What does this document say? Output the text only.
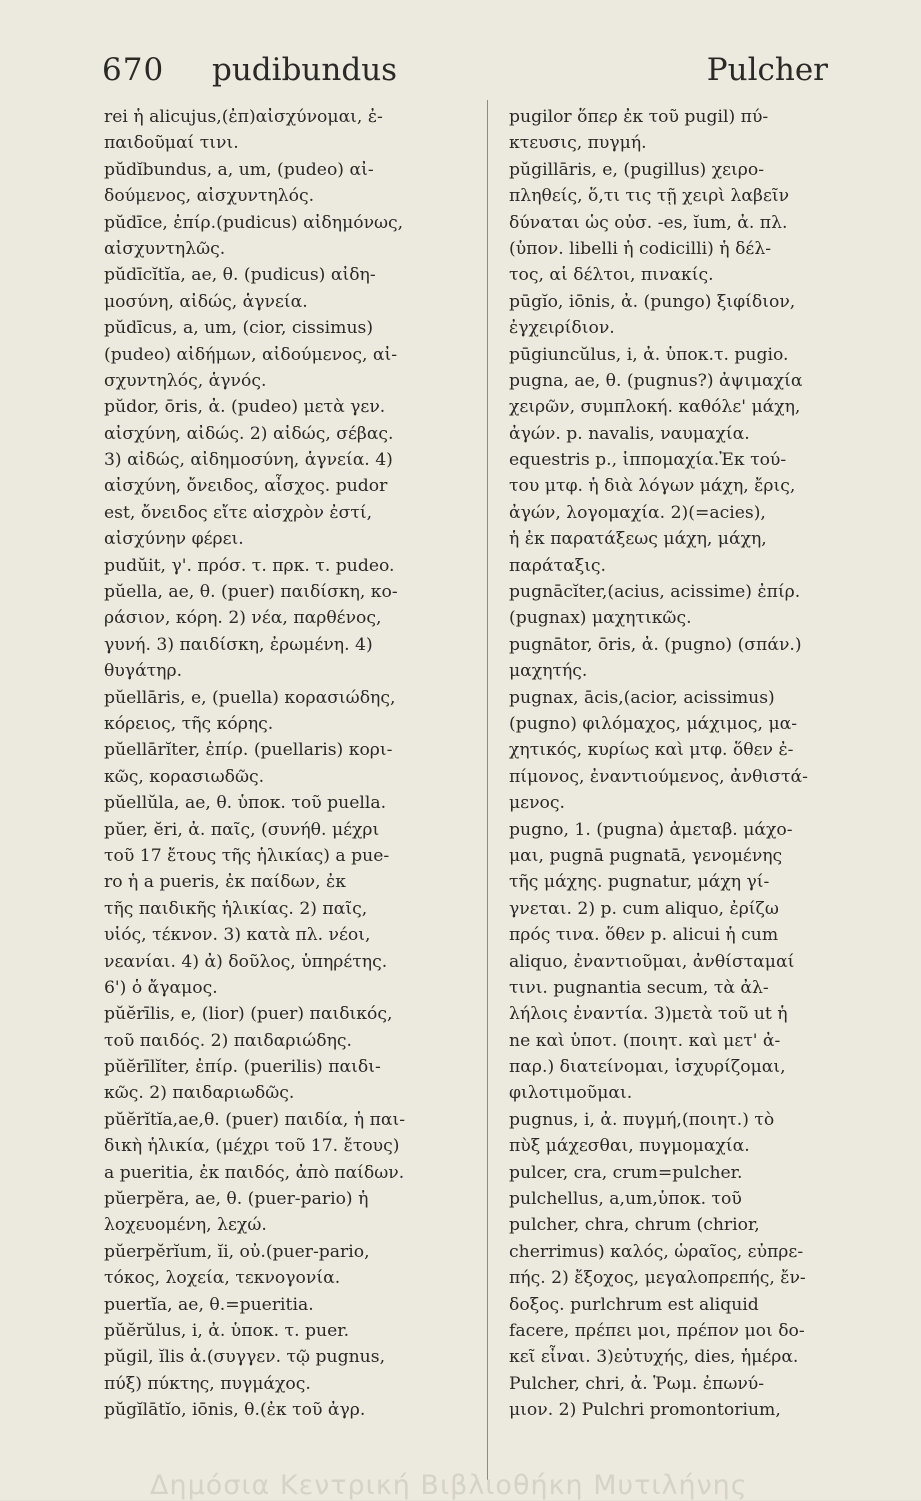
670 pudibundus	Pulcher
rei ἡ alicujus,(ἐπ)αἰσχύνομαι, ἐ-
παιδοῦμαί τινι.
pŭdĭbundus, a, um, (pudeo) αἰ-
δούμενος, αἰσχυντηλός.
pŭdīce, ἐπίρ.(pudicus) αἰδημόνως,
αἰσχυντηλῶς.
pŭdīcĭtĭa, ae, θ. (pudicus) αἰδη-
μοσύνη, αἰδώς, ἁγνεία.
pŭdīcus, a, um, (cior, cissimus)
(pudeo) αἰδήμων, αἰδούμενος, αἰ-
σχυντηλός, ἁγνός.
pŭdor, ōris, ἀ. (pudeo) μετὰ γεν.
αἰσχύνη, αἰδώς. 2) αἰδώς, σέβας.
3) αἰδώς, αἰδημοσύνη, ἁγνεία. 4)
αἰσχύνη, ὄνειδος, αἶσχος. pudor
est, ὄνειδος εἴτε αἰσχρὸν ἐστί,
αἰσχύνην φέρει.
pudŭit, γ'. πρόσ. τ. πρκ. τ. pudeo.
pŭella, ae, θ. (puer) παιδίσκη, κο-
ράσιον, κόρη. 2) νέα, παρθένος,
γυνή. 3) παιδίσκη, ἐρωμένη. 4)
θυγάτηρ.
pŭellāris, e, (puella) κορασιώδης,
κόρειος, τῆς κόρης.
pŭellārĭter, ἐπίρ. (puellaris) κορι-
κῶς, κορασιωδῶς.
pŭellŭla, ae, θ. ὑποκ. τοῦ puella.
pŭer, ĕri, ἀ. παῖς, (συνήθ. μέχρι
τοῦ 17 ἔτους τῆς ἡλικίας) a pue-
ro ἡ a pueris, ἐκ παίδων, ἐκ
τῆς παιδικῆς ἡλικίας. 2) παῖς,
υἱός, τέκνον. 3) κατὰ πλ. νέοι,
νεανίαι. 4) ἀ) δοῦλος, ὑπηρέτης.
6') ὁ ἄγαμος.
pŭĕrīlis, e, (lior) (puer) παιδικός,
τοῦ παιδός. 2) παιδαριώδης.
pŭĕrīlĭter, ἐπίρ. (puerilis) παιδι-
κῶς. 2) παιδαριωδῶς.
pŭĕrĭtĭa,ae,θ. (puer) παιδία, ἡ παι-
δικὴ ἡλικία, (μέχρι τοῦ 17. ἔτους)
a pueritia, ἐκ παιδός, ἀπὸ παίδων.
pŭerpĕra, ae, θ. (puer-pario) ἡ
λοχευομένη, λεχώ.
pŭerpĕrĭum, ĭi, οὐ.(puer-pario,
τόκος, λοχεία, τεκνογονία.
puertĭa, ae, θ.=pueritia.
pŭĕrŭlus, i, ἀ. ὑποκ. τ. puer.
pŭgil, ĭlis ἀ.(συγγεν. τῷ pugnus,
πύξ) πύκτης, πυγμάχος.
pŭgĭlātĭo, iōnis, θ.(ἐκ τοῦ ἀγρ.
pugilor ὅπερ ἐκ τοῦ pugil) πύ-
κτευσις, πυγμή.
pŭgillāris, e, (pugillus) χειρο-
πληθείς, ὅ,τι τις τῇ χειρὶ λαβεῖν
δύναται ὡς οὐσ. -es, ĭum, ἀ. πλ.
(ὑπον. libelli ἡ codicilli) ἡ δέλ-
τος, αἱ δέλτοι, πινακίς.
pūgĭo, iōnis, ἀ. (pungo) ξιφίδιον,
ἐγχειρίδιον.
pūgiuncŭlus, i, ἀ. ὑποκ.τ. pugio.
pugna, ae, θ. (pugnus?) ἀψιμαχία
χειρῶν, συμπλοκή. καθόλε' μάχη,
ἀγών. p. navalis, ναυμαχία.
equestris p., ἱππομαχία.Ἐκ τού-
του μτφ. ἡ διὰ λόγων μάχη, ἔρις,
ἀγών, λογομαχία. 2)(=acies),
ἡ ἐκ παρατάξεως μάχη, μάχη,
παράταξις.
pugnācĭter,(acius, acissime) ἐπίρ.
(pugnax) μαχητικῶς.
pugnātor, ōris, ἀ. (pugno) (σπάν.)
μαχητής.
pugnax, ācis,(acior, acissimus)
(pugno) φιλόμαχος, μάχιμος, μα-
χητικός, κυρίως καὶ μτφ. ὅθεν ἐ-
πίμονος, ἐναντιούμενος, ἀνθιστά-
μενος.
pugno, 1. (pugna) ἀμεταβ. μάχο-
μαι, pugnā pugnatā, γενομένης
τῆς μάχης. pugnatur, μάχη γί-
γνεται. 2) p. cum aliquo, ἐρίζω
πρός τινα. ὅθεν p. alicui ἡ cum
aliquo, ἐναντιοῦμαι, ἀνθίσταμαί
τινι. pugnantia secum, τὰ ἀλ-
λήλοις ἐναντία. 3)μετὰ τοῦ ut ἡ
ne καὶ ὑποτ. (ποιητ. καὶ μετ' ἀ-
παρ.) διατείνομαι, ἰσχυρίζομαι,
φιλοτιμοῦμαι.
pugnus, i, ἀ. πυγμή,(ποιητ.) τὸ
πὺξ μάχεσθαι, πυγμομαχία.
pulcer, cra, crum=pulcher.
pulchellus, a,um,ὑποκ. τοῦ
pulcher, chra, chrum (chrior,
cherrimus) καλός, ὡραῖος, εὐπρε-
πής. 2) ἔξοχος, μεγαλοπρεπής, ἔν-
δοξος. purlchrum est aliquid
facere, πρέπει μοι, πρέπον μοι δο-
κεῖ εἶναι. 3)εὐτυχής, dies, ἡμέρα.
Pulcher, chri, ἀ. Ῥωμ. ἐπωνύ-
μιον. 2) Pulchri promontorium,
Δημόσια Κεντρική Βιβλιοθήκη Μυτιλήνης
